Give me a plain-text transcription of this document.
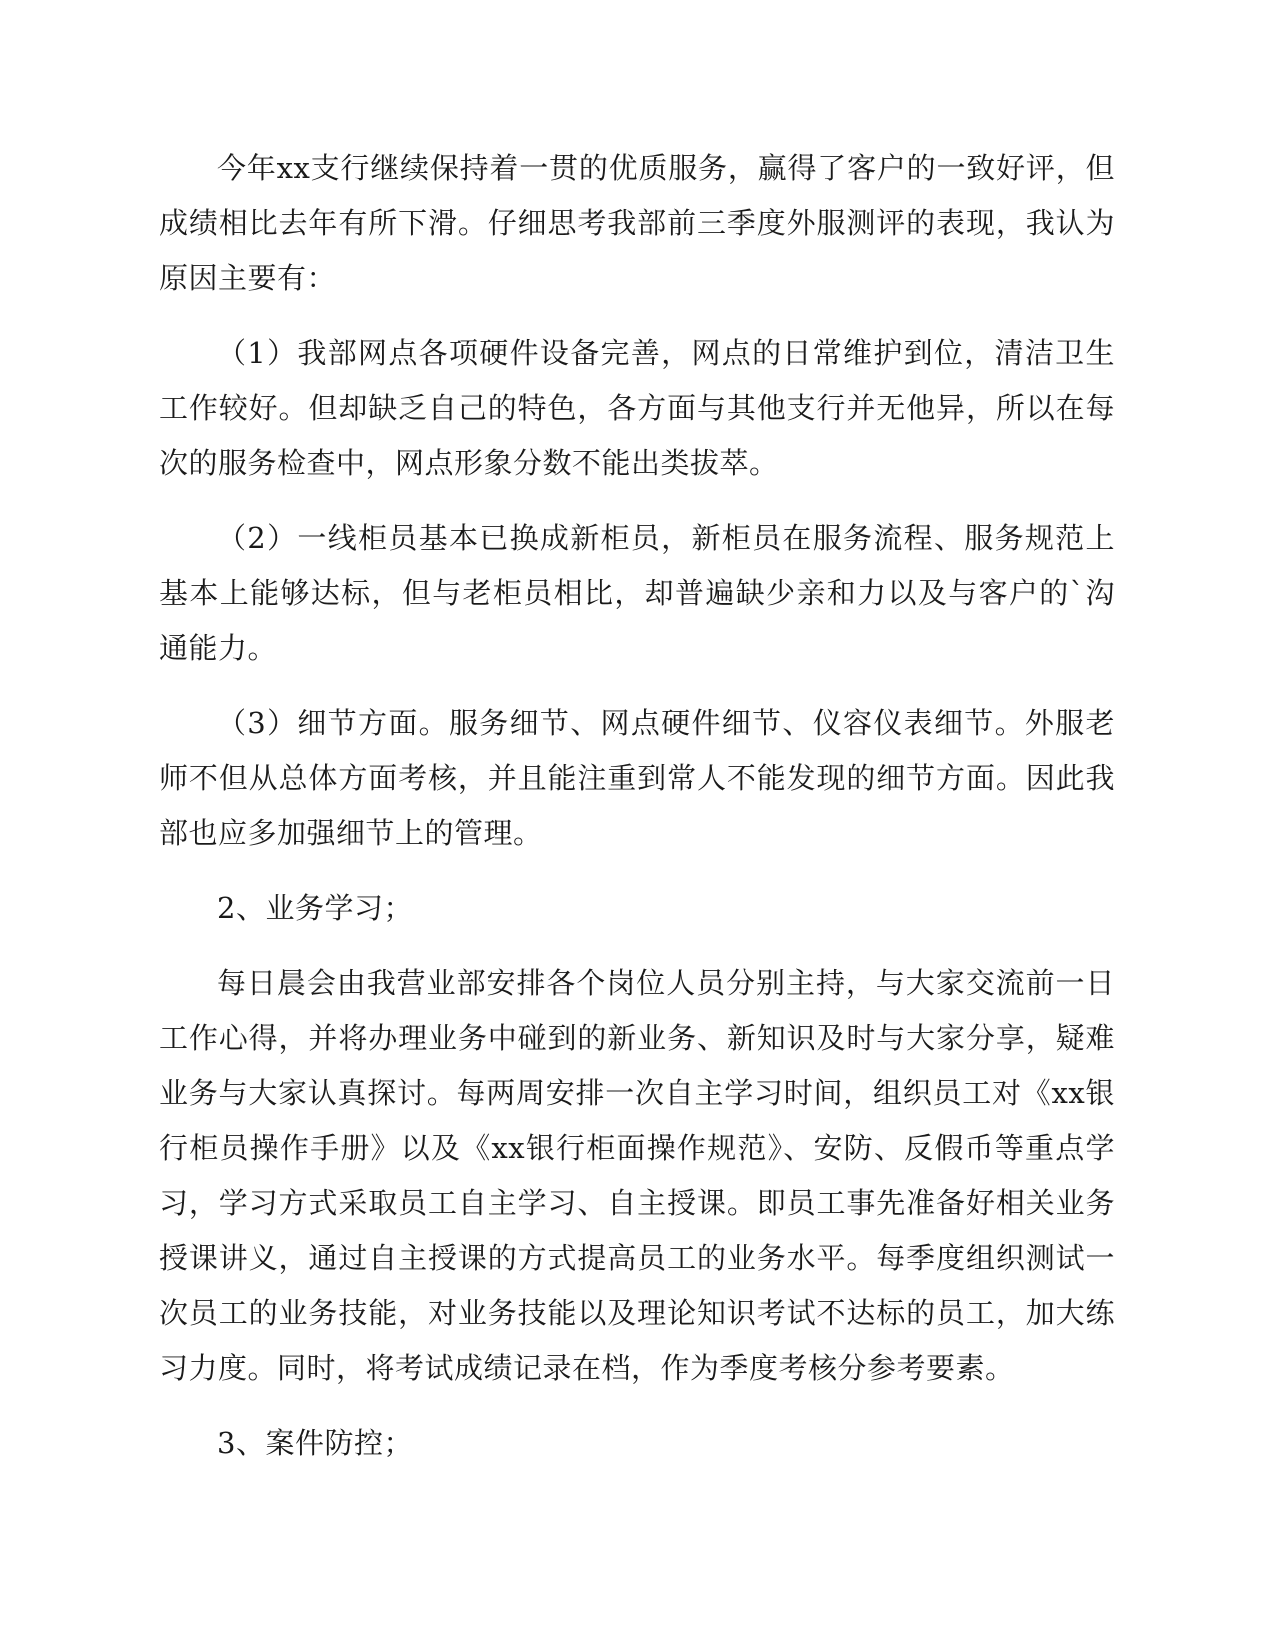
今年xx支行继续保持着一贯的优质服务，赢得了客户的一致好评，但成绩相比去年有所下滑。仔细思考我部前三季度外服测评的表现，我认为原因主要有：

（1）我部网点各项硬件设备完善，网点的日常维护到位，清洁卫生工作较好。但却缺乏自己的特色，各方面与其他支行并无他异，所以在每次的服务检查中，网点形象分数不能出类拔萃。

（2）一线柜员基本已换成新柜员，新柜员在服务流程、服务规范上基本上能够达标，但与老柜员相比，却普遍缺少亲和力以及与客户的`沟通能力。

（3）细节方面。服务细节、网点硬件细节、仪容仪表细节。外服老师不但从总体方面考核，并且能注重到常人不能发现的细节方面。因此我部也应多加强细节上的管理。

2、业务学习；

每日晨会由我营业部安排各个岗位人员分别主持，与大家交流前一日工作心得，并将办理业务中碰到的新业务、新知识及时与大家分享，疑难业务与大家认真探讨。每两周安排一次自主学习时间，组织员工对《xx银行柜员操作手册》以及《xx银行柜面操作规范》、安防、反假币等重点学习，学习方式采取员工自主学习、自主授课。即员工事先准备好相关业务授课讲义，通过自主授课的方式提高员工的业务水平。每季度组织测试一次员工的业务技能，对业务技能以及理论知识考试不达标的员工，加大练习力度。同时，将考试成绩记录在档，作为季度考核分参考要素。

3、案件防控；
